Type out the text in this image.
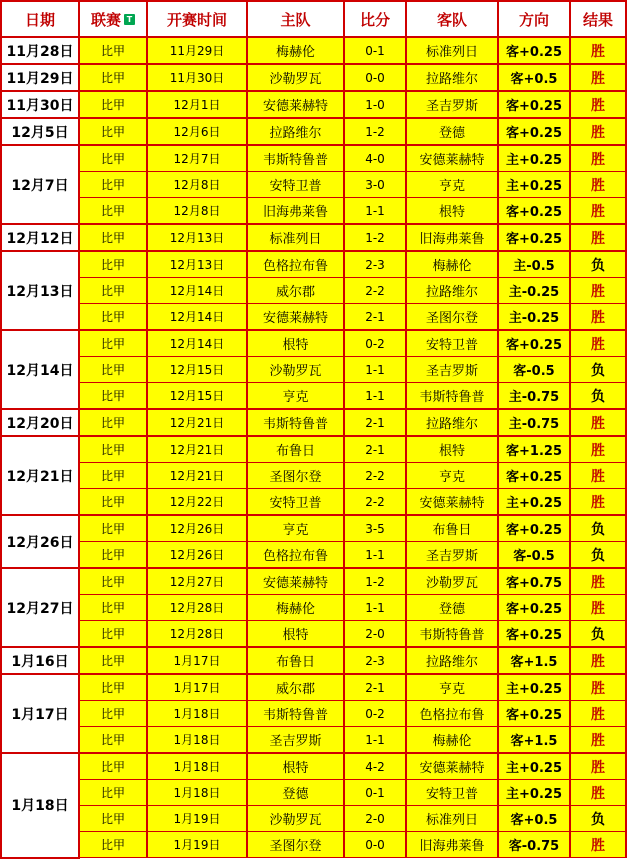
日期	联赛 T	开赛时间	主队	比分	客队	方向	结果
11月28日	比甲	11月29日	梅赫伦	0-1	标准列日	客+0.25	胜
11月29日	比甲	11月30日	沙勒罗瓦	0-0	拉路维尔	客+0.5	胜
11月30日	比甲	12月1日	安德莱赫特	1-0	圣吉罗斯	客+0.25	胜
12月5日	比甲	12月6日	拉路维尔	1-2	登德	客+0.25	胜
12月7日	比甲	12月7日	韦斯特鲁普	4-0	安德莱赫特	主+0.25	胜
	比甲	12月8日	安特卫普	3-0	亨克	主+0.25	胜
	比甲	12月8日	旧海弗莱鲁	1-1	根特	客+0.25	胜
12月12日	比甲	12月13日	标准列日	1-2	旧海弗莱鲁	客+0.25	胜
12月13日	比甲	12月13日	色格拉布鲁	2-3	梅赫伦	主-0.5	负
	比甲	12月14日	威尔郡	2-2	拉路维尔	主-0.25	胜
	比甲	12月14日	安德莱赫特	2-1	圣图尔登	主-0.25	胜
12月14日	比甲	12月14日	根特	0-2	安特卫普	客+0.25	胜
	比甲	12月15日	沙勒罗瓦	1-1	圣吉罗斯	客-0.5	负
	比甲	12月15日	亨克	1-1	韦斯特鲁普	主-0.75	负
12月20日	比甲	12月21日	韦斯特鲁普	2-1	拉路维尔	主-0.75	胜
12月21日	比甲	12月21日	布鲁日	2-1	根特	客+1.25	胜
	比甲	12月21日	圣图尔登	2-2	亨克	客+0.25	胜
	比甲	12月22日	安特卫普	2-2	安德莱赫特	主+0.25	胜
12月26日	比甲	12月26日	亨克	3-5	布鲁日	客+0.25	负
	比甲	12月26日	色格拉布鲁	1-1	圣吉罗斯	客-0.5	负
12月27日	比甲	12月27日	安德莱赫特	1-2	沙勒罗瓦	客+0.75	胜
	比甲	12月28日	梅赫伦	1-1	登德	客+0.25	胜
	比甲	12月28日	根特	2-0	韦斯特鲁普	客+0.25	负
1月16日	比甲	1月17日	布鲁日	2-3	拉路维尔	客+1.5	胜
1月17日	比甲	1月17日	威尔郡	2-1	亨克	主+0.25	胜
	比甲	1月18日	韦斯特鲁普	0-2	色格拉布鲁	客+0.25	胜
	比甲	1月18日	圣吉罗斯	1-1	梅赫伦	客+1.5	胜
1月18日	比甲	1月18日	根特	4-2	安德莱赫特	主+0.25	胜
	比甲	1月18日	登德	0-1	安特卫普	主+0.25	胜
	比甲	1月19日	沙勒罗瓦	2-0	标准列日	客+0.5	负
	比甲	1月19日	圣图尔登	0-0	旧海弗莱鲁	客-0.75	胜
